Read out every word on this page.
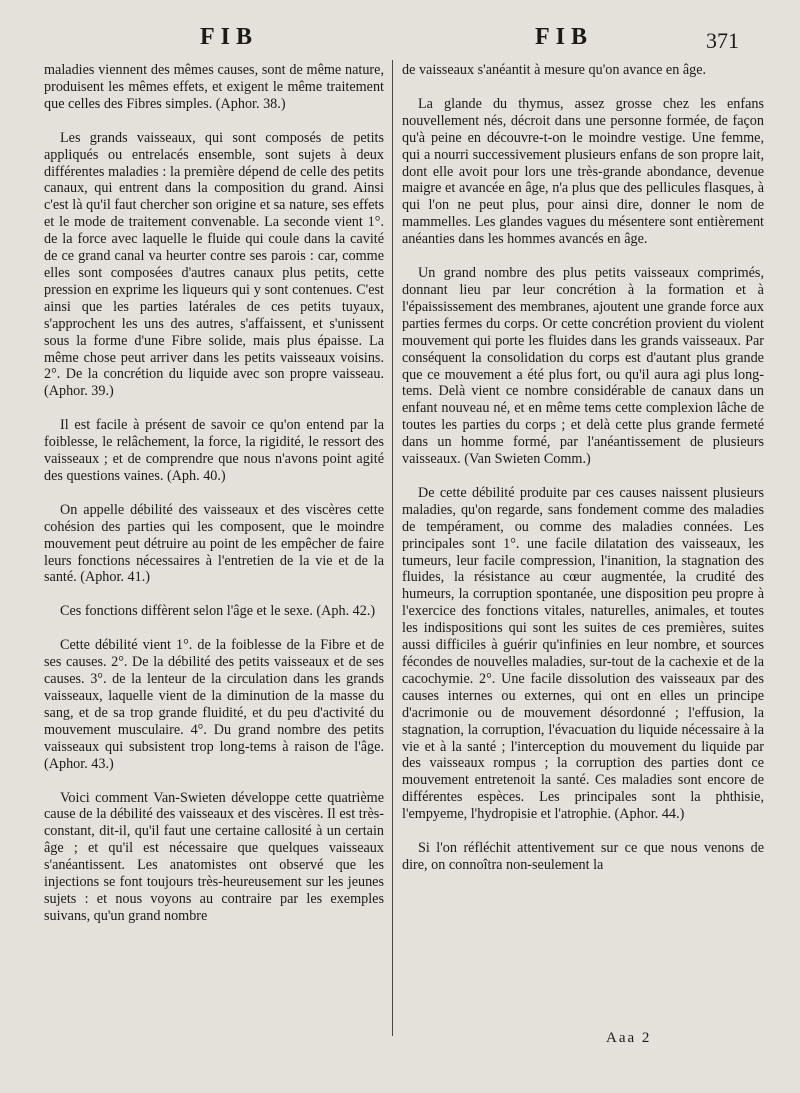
FIB	FIB	371

maladies viennent des mêmes causes, sont de même nature, produisent les mêmes effets, et exigent le même traitement que celles des Fibres simples. (Aphor. 38.)

Les grands vaisseaux, qui sont composés de petits appliqués ou entrelacés ensemble, sont sujets à deux différentes maladies : la première dépend de celle des petits canaux, qui entrent dans la composition du grand. Ainsi c'est là qu'il faut chercher son origine et sa nature, ses effets et le mode de traitement convenable. La seconde vient 1°. de la force avec laquelle le fluide qui coule dans la cavité de ce grand canal va heurter contre ses parois : car, comme elles sont composées d'autres canaux plus petits, cette pression en exprime les liqueurs qui y sont contenues. C'est ainsi que les parties latérales de ces petits tuyaux, s'approchent les uns des autres, s'affaissent, et s'unissent sous la forme d'une Fibre solide, mais plus épaisse. La même chose peut arriver dans les petits vaisseaux voisins. 2°. De la concrétion du liquide avec son propre vaisseau. (Aphor. 39.)

Il est facile à présent de savoir ce qu'on entend par la foiblesse, le relâchement, la force, la rigidité, le ressort des vaisseaux ; et de comprendre que nous n'avons point agité des questions vaines. (Aph. 40.)

On appelle débilité des vaisseaux et des viscères cette cohésion des parties qui les composent, que le moindre mouvement peut détruire au point de les empêcher de faire leurs fonctions nécessaires à l'entretien de la vie et de la santé. (Aphor. 41.)

Ces fonctions diffèrent selon l'âge et le sexe. (Aph. 42.)

Cette débilité vient 1°. de la foiblesse de la Fibre et de ses causes. 2°. De la débilité des petits vaisseaux et de ses causes. 3°. de la lenteur de la circulation dans les grands vaisseaux, laquelle vient de la diminution de la masse du sang, et de sa trop grande fluidité, et du peu d'activité du mouvement musculaire. 4°. Du grand nombre des petits vaisseaux qui subsistent trop long-tems à raison de l'âge. (Aphor. 43.)

Voici comment Van-Swieten développe cette quatrième cause de la débilité des vaisseaux et des viscères. Il est très-constant, dit-il, qu'il faut une certaine callosité à un certain âge ; et qu'il est nécessaire que quelques vaisseaux s'anéantissent. Les anatomistes ont observé que les injections se font toujours très-heureusement sur les jeunes sujets : et nous voyons au contraire par les exemples suivans, qu'un grand nombre

de vaisseaux s'anéantit à mesure qu'on avance en âge.

La glande du thymus, assez grosse chez les enfans nouvellement nés, décroit dans une personne formée, de façon qu'à peine en découvre-t-on le moindre vestige. Une femme, qui a nourri successivement plusieurs enfans de son propre lait, dont elle avoit pour lors une très-grande abondance, devenue maigre et avancée en âge, n'a plus que des pellicules flasques, à qui l'on ne peut plus, pour ainsi dire, donner le nom de mammelles. Les glandes vagues du mésentere sont entièrement anéanties dans les hommes avancés en âge.

Un grand nombre des plus petits vaisseaux comprimés, donnant lieu par leur concrétion à la formation et à l'épaississement des membranes, ajoutent une grande force aux parties fermes du corps. Or cette concrétion provient du violent mouvement qui porte les fluides dans les grands vaisseaux. Par conséquent la consolidation du corps est d'autant plus grande que ce mouvement a été plus fort, ou qu'il aura agi plus long-tems. Delà vient ce nombre considérable de canaux dans un enfant nouveau né, et en même tems cette complexion lâche de toutes les parties du corps ; et delà cette plus grande fermeté dans un homme formé, par l'anéantissement de plusieurs vaisseaux. (Van Swieten Comm.)

De cette débilité produite par ces causes naissent plusieurs maladies, qu'on regarde, sans fondement comme des maladies de tempérament, ou comme des maladies connées. Les principales sont 1°. une facile dilatation des vaisseaux, les tumeurs, leur facile compression, l'inanition, la stagnation des fluides, la résistance au cœur augmentée, la crudité des humeurs, la corruption spontanée, une disposition peu propre à l'exercice des fonctions vitales, naturelles, animales, et toutes les indispositions qui sont les suites de ces premières, suites aussi difficiles à guérir qu'infinies en leur nombre, et sources fécondes de nouvelles maladies, sur-tout de la cachexie et de la cacochymie. 2°. Une facile dissolution des vaisseaux par des causes internes ou externes, qui ont en elles un principe d'acrimonie ou de mouvement désordonné ; l'effusion, la stagnation, la corruption, l'évacuation du liquide nécessaire à la vie et à la santé ; l'interception du mouvement du liquide par des vaisseaux rompus ; la corruption des parties dont ce mouvement entretenoit la santé. Ces maladies sont encore de différentes espèces. Les principales sont la phthisie, l'empyeme, l'hydropisie et l'atrophie. (Aphor. 44.)

Si l'on réfléchit attentivement sur ce que nous venons de dire, on connoîtra non-seulement la

Aaa 2
